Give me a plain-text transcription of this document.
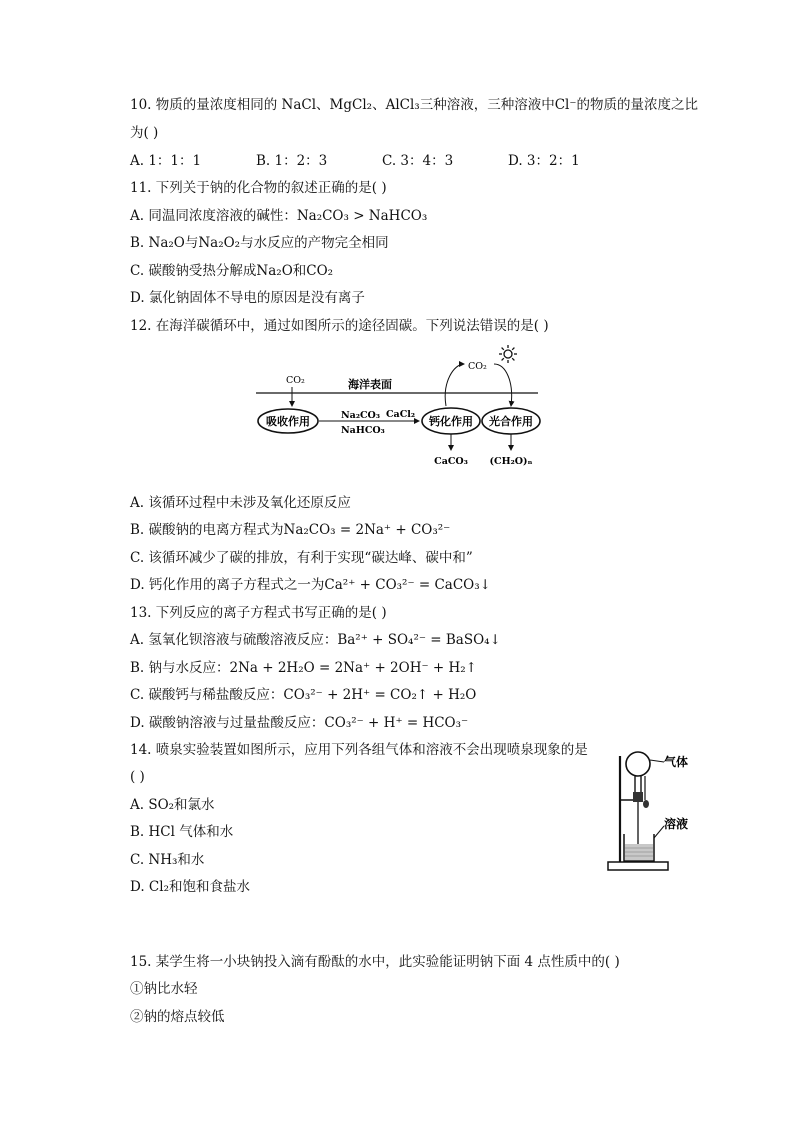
10. 物质的量浓度相同的 NaCl、MgCl₂、AlCl₃三种溶液，三种溶液中Cl⁻的物质的量浓度之比
为( )
A. 1：1：1	B. 1：2：3	C. 3：4：3	D. 3：2：1
11. 下列关于钠的化合物的叙述正确的是( )
A. 同温同浓度溶液的碱性：Na₂CO₃ > NaHCO₃
B. Na₂O与Na₂O₂与水反应的产物完全相同
C. 碳酸钠受热分解成Na₂O和CO₂
D. 氯化钠固体不导电的原因是没有离子
12. 在海洋碳循环中，通过如图所示的途径固碳。下列说法错误的是( )
海洋表面
CO₂
吸收作用	Na₂CO₃
NaHCO₃
CaCl₂
钙化作用 光合作用
CO₂
CaCO₃ (CH₂O)ₙ
A. 该循环过程中未涉及氧化还原反应
B. 碳酸钠的电离方程式为Na₂CO₃ = 2Na⁺ + CO₃²⁻
C. 该循环减少了碳的排放，有利于实现“碳达峰、碳中和”
D. 钙化作用的离子方程式之一为Ca²⁺ + CO₃²⁻ = CaCO₃↓
13. 下列反应的离子方程式书写正确的是( )
A. 氢氧化钡溶液与硫酸溶液反应：Ba²⁺ + SO₄²⁻ = BaSO₄↓
B. 钠与水反应：2Na + 2H₂O = 2Na⁺ + 2OH⁻ + H₂↑
C. 碳酸钙与稀盐酸反应：CO₃²⁻ + 2H⁺ = CO₂↑ + H₂O
D. 碳酸钠溶液与过量盐酸反应：CO₃²⁻ + H⁺ = HCO₃⁻
14. 喷泉实验装置如图所示，应用下列各组气体和溶液不会出现喷泉现象的是
( )
A. SO₂和氯水
B. HCl 气体和水
C. NH₃和水
D. Cl₂和饱和食盐水
气体
溶液
15. 某学生将一小块钠投入滴有酚酞的水中，此实验能证明钠下面 4 点性质中的( )
①钠比水轻
②钠的熔点较低
